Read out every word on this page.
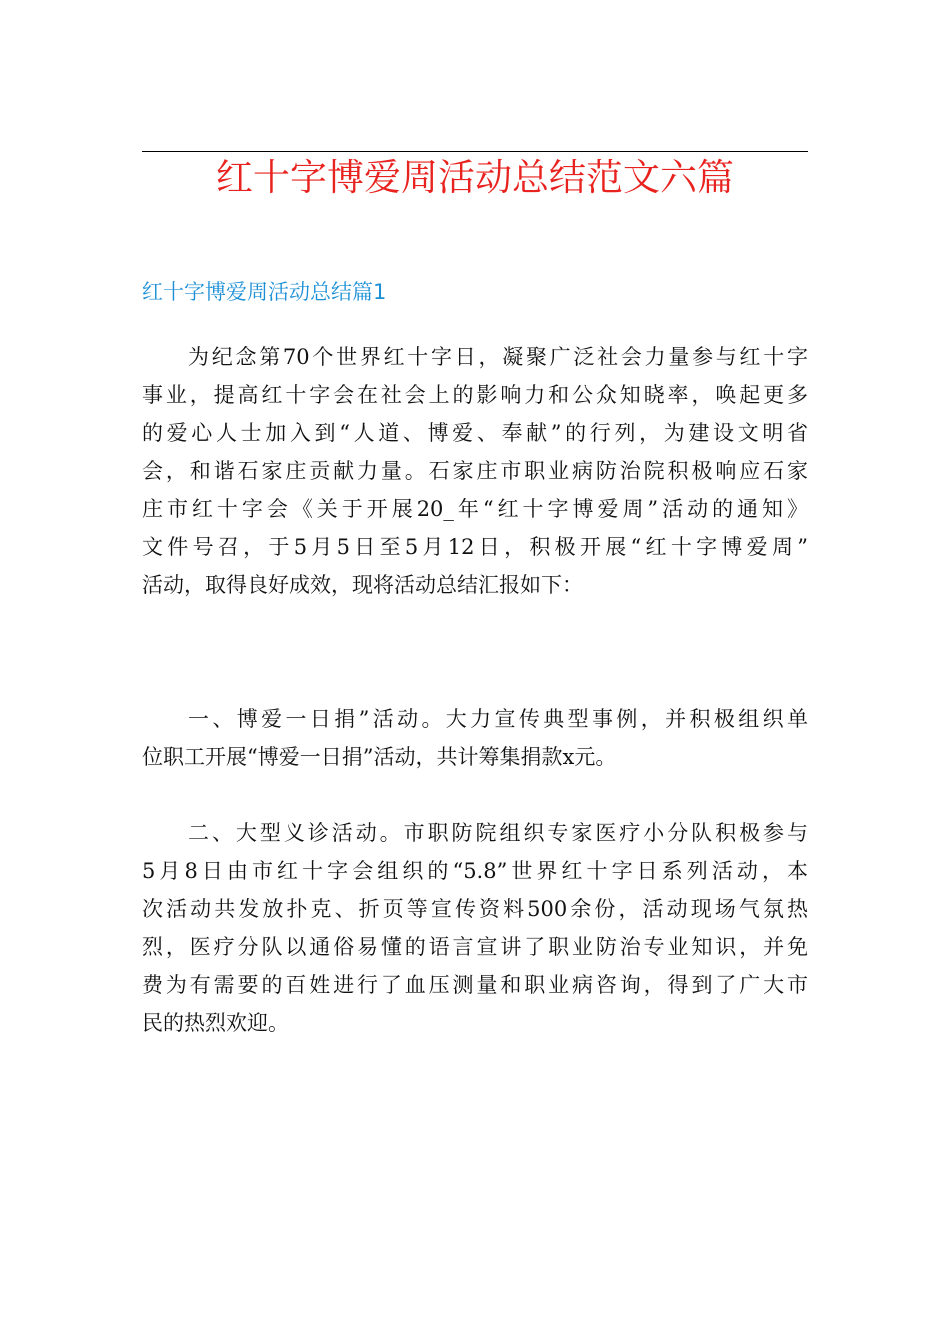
红十字博爱周活动总结范文六篇
红十字博爱周活动总结篇1
为纪念第70个世界红十字日，凝聚广泛社会力量参与红十字
事业，提高红十字会在社会上的影响力和公众知晓率，唤起更多
的爱心人士加入到“人道、博爱、奉献”的行列，为建设文明省
会，和谐石家庄贡献力量。石家庄市职业病防治院积极响应石家
庄市红十字会《关于开展20_年“红十字博爱周”活动的通知》
文件号召，于5月5日至5月12日，积极开展“红十字博爱周”
活动，取得良好成效，现将活动总结汇报如下：
一、博爱一日捐”活动。大力宣传典型事例，并积极组织单
位职工开展“博爱一日捐”活动，共计筹集捐款x元。
二、大型义诊活动。市职防院组织专家医疗小分队积极参与
5月8日由市红十字会组织的“5.8”世界红十字日系列活动，本
次活动共发放扑克、折页等宣传资料500余份，活动现场气氛热
烈，医疗分队以通俗易懂的语言宣讲了职业防治专业知识，并免
费为有需要的百姓进行了血压测量和职业病咨询，得到了广大市
民的热烈欢迎。
